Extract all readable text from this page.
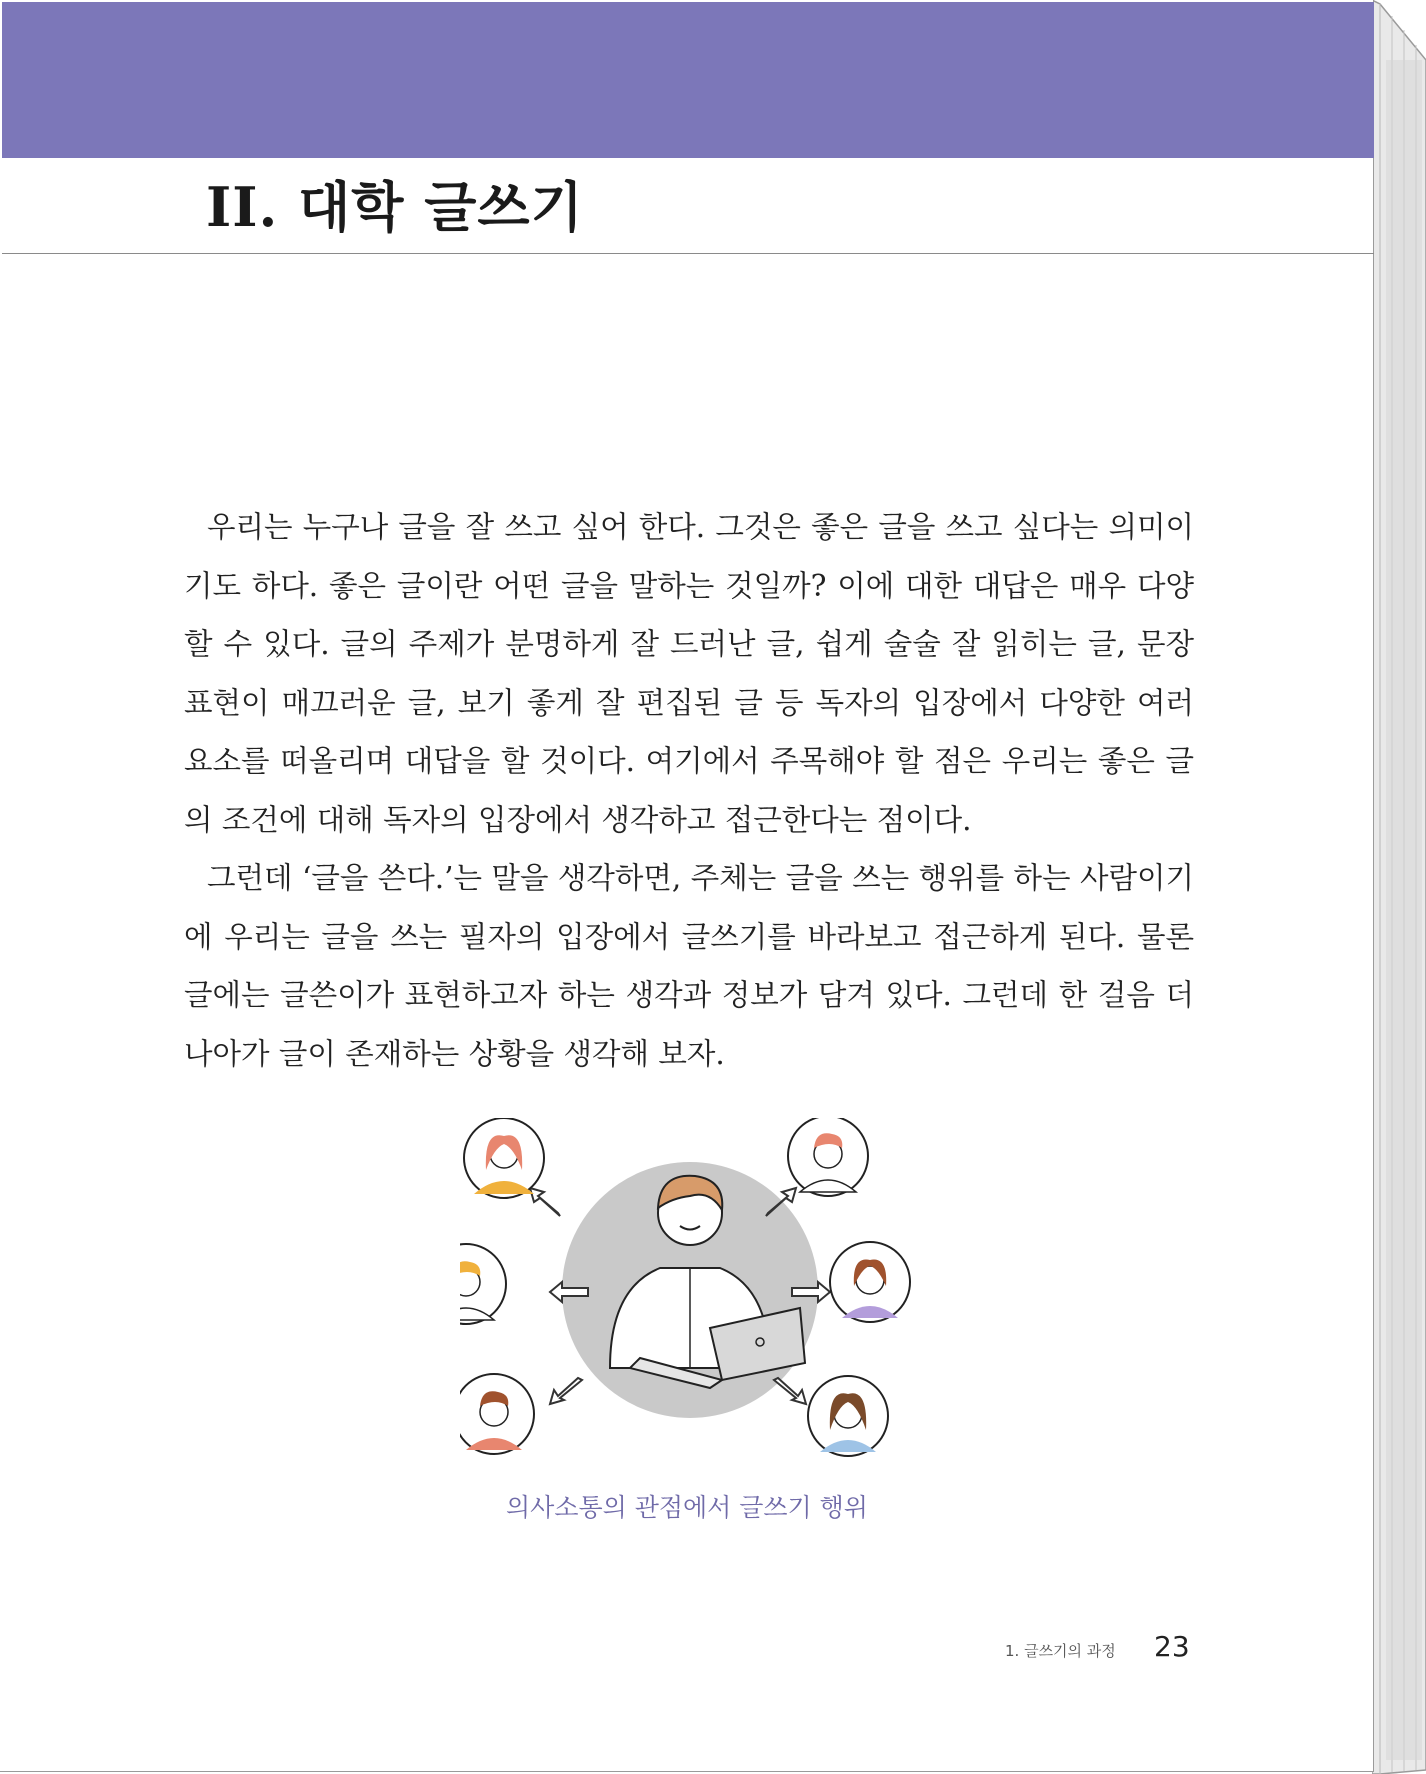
II. 대학 글쓰기

우리는 누구나 글을 잘 쓰고 싶어 한다. 그것은 좋은 글을 쓰고 싶다는 의미이기도 하다. 좋은 글이란 어떤 글을 말하는 것일까? 이에 대한 대답은 매우 다양할 수 있다. 글의 주제가 분명하게 잘 드러난 글, 쉽게 술술 잘 읽히는 글, 문장 표현이 매끄러운 글, 보기 좋게 잘 편집된 글 등 독자의 입장에서 다양한 여러 요소를 떠올리며 대답을 할 것이다. 여기에서 주목해야 할 점은 우리는 좋은 글의 조건에 대해 독자의 입장에서 생각하고 접근한다는 점이다.

그런데 ‘글을 쓴다.’는 말을 생각하면, 주체는 글을 쓰는 행위를 하는 사람이기에 우리는 글을 쓰는 필자의 입장에서 글쓰기를 바라보고 접근하게 된다. 물론 글에는 글쓴이가 표현하고자 하는 생각과 정보가 담겨 있다. 그런데 한 걸음 더 나아가 글이 존재하는 상황을 생각해 보자.

의사소통의 관점에서 글쓰기 행위
1. 글쓰기의 과정 23
